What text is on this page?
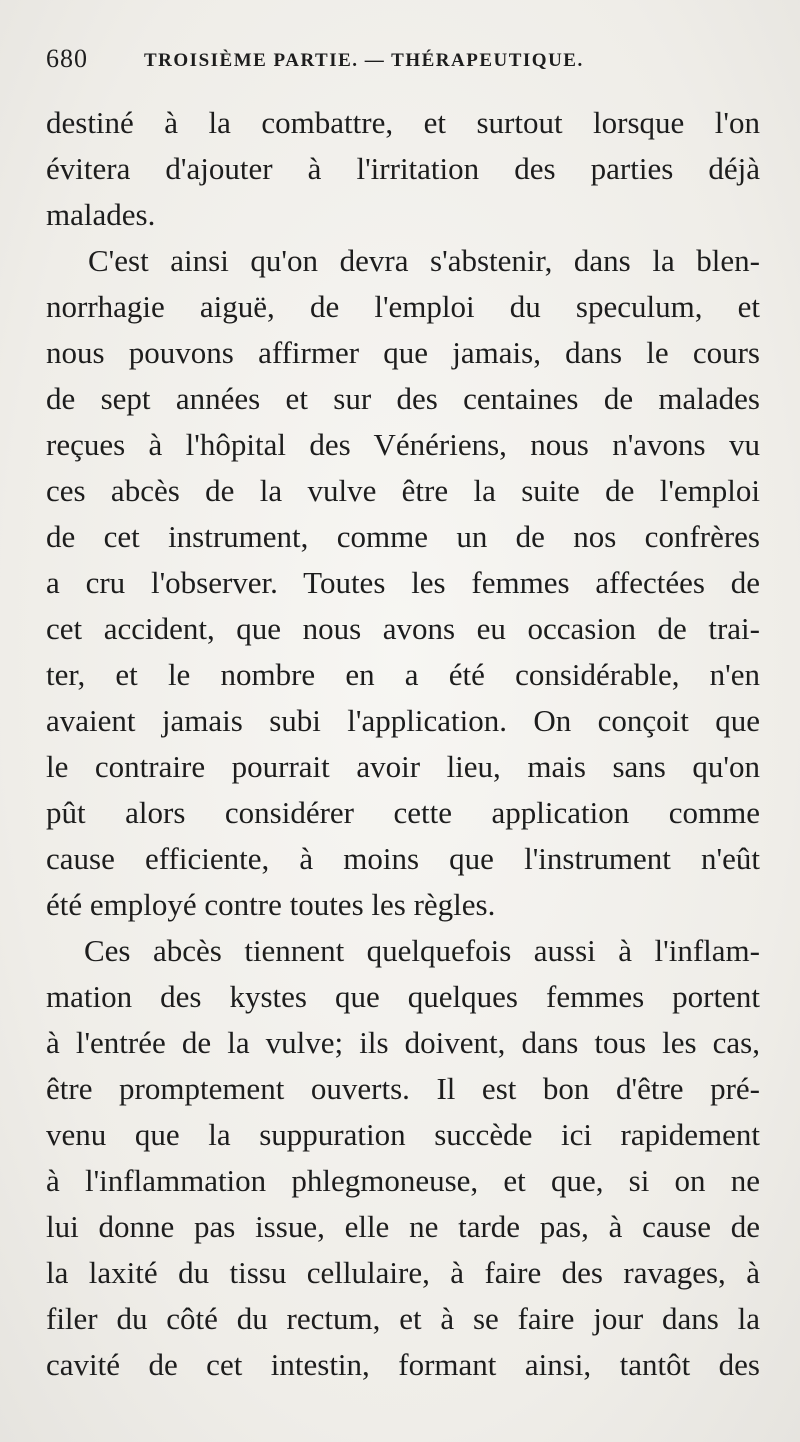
680	TROISIÈME PARTIE. — THÉRAPEUTIQUE.
destiné à la combattre, et surtout lorsque l'on
évitera d'ajouter à l'irritation des parties déjà
malades.
C'est ainsi qu'on devra s'abstenir, dans la blen-
norrhagie aiguë, de l'emploi du speculum, et
nous pouvons affirmer que jamais, dans le cours
de sept années et sur des centaines de malades
reçues à l'hôpital des Vénériens, nous n'avons vu
ces abcès de la vulve être la suite de l'emploi
de cet instrument, comme un de nos confrères
a cru l'observer. Toutes les femmes affectées de
cet accident, que nous avons eu occasion de trai-
ter, et le nombre en a été considérable, n'en
avaient jamais subi l'application. On conçoit que
le contraire pourrait avoir lieu, mais sans qu'on
pût alors considérer cette application comme
cause efficiente, à moins que l'instrument n'eût
été employé contre toutes les règles.
Ces abcès tiennent quelquefois aussi à l'inflam-
mation des kystes que quelques femmes portent
à l'entrée de la vulve; ils doivent, dans tous les cas,
être promptement ouverts. Il est bon d'être pré-
venu que la suppuration succède ici rapidement
à l'inflammation phlegmoneuse, et que, si on ne
lui donne pas issue, elle ne tarde pas, à cause de
la laxité du tissu cellulaire, à faire des ravages, à
filer du côté du rectum, et à se faire jour dans la
cavité de cet intestin, formant ainsi, tantôt des
